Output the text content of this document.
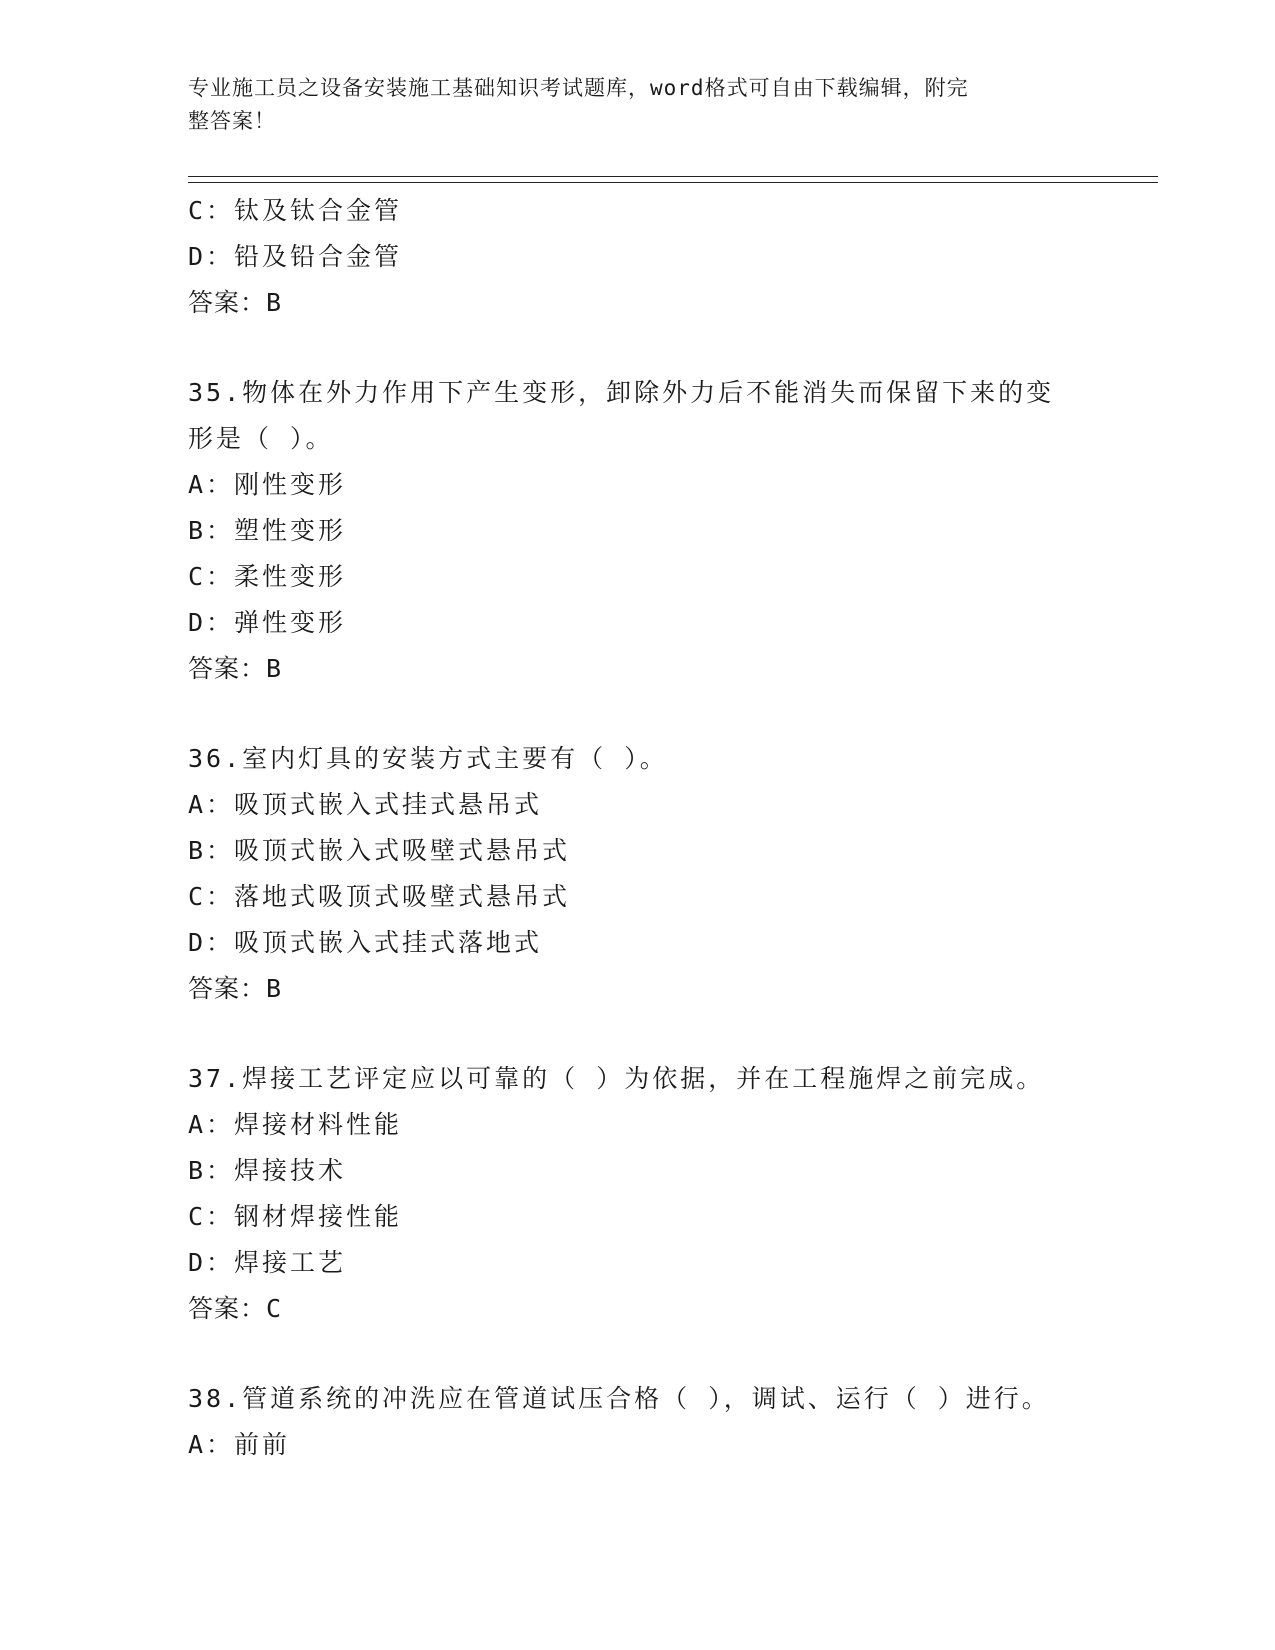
专业施工员之设备安装施工基础知识考试题库，word格式可自由下载编辑，附完
整答案！
C：钛及钛合金管
D：铅及铅合金管
答案：B
35.物体在外力作用下产生变形，卸除外力后不能消失而保留下来的变
形是（ ）。
A：刚性变形
B：塑性变形
C：柔性变形
D：弹性变形
答案：B
36.室内灯具的安装方式主要有（ ）。
A：吸顶式嵌入式挂式悬吊式
B：吸顶式嵌入式吸壁式悬吊式
C：落地式吸顶式吸壁式悬吊式
D：吸顶式嵌入式挂式落地式
答案：B
37.焊接工艺评定应以可靠的（ ）为依据，并在工程施焊之前完成。
A：焊接材料性能
B：焊接技术
C：钢材焊接性能
D：焊接工艺
答案：C
38.管道系统的冲洗应在管道试压合格（ ），调试、运行（ ）进行。
A：前前
